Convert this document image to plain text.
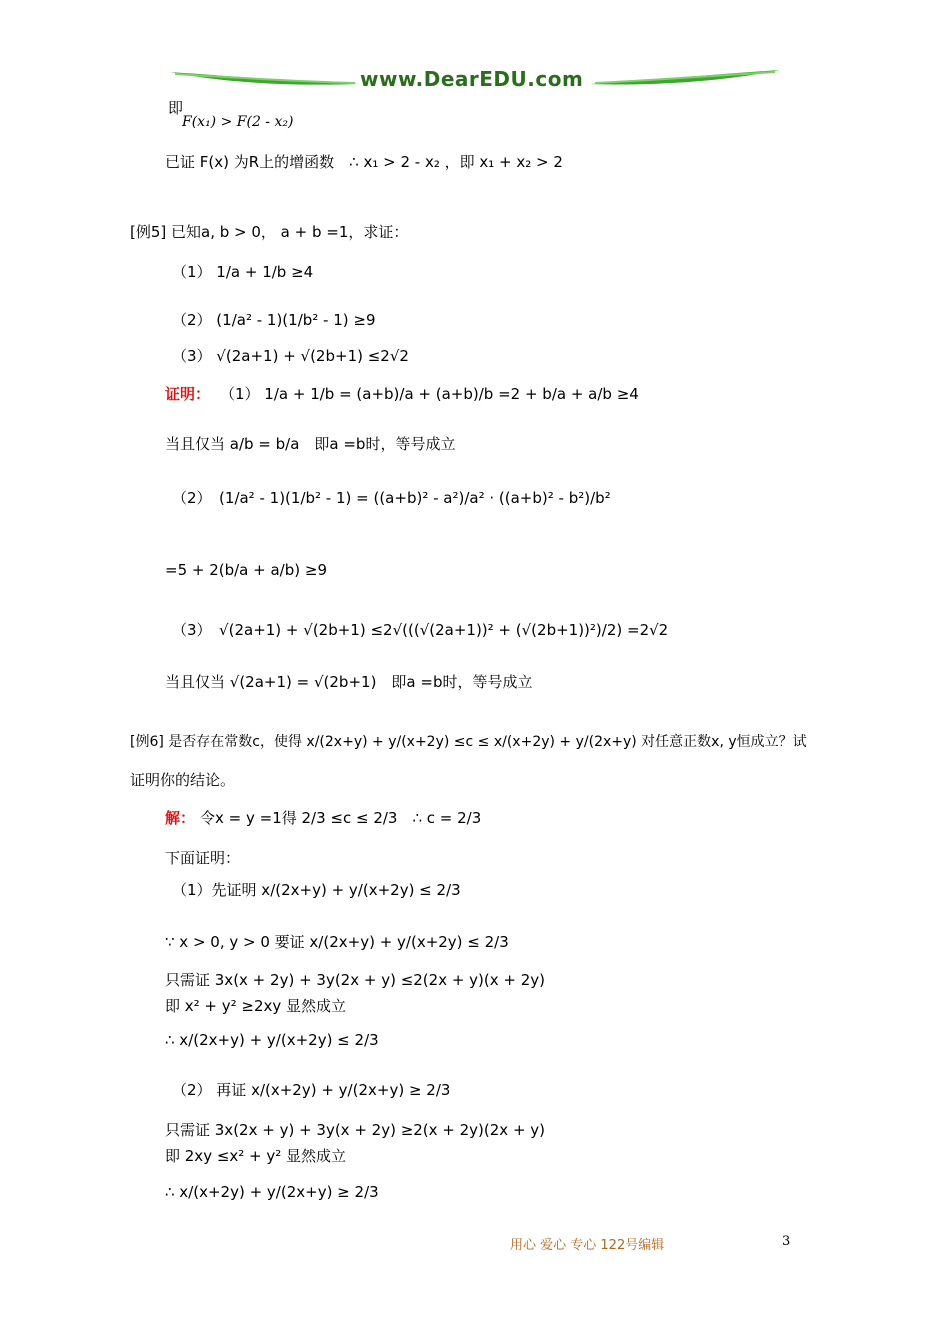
www.DearEDU.com
即
F(x₁) > F(2 - x₂)
已证 F(x) 为R上的增函数　∴ x₁ > 2 - x₂ ，即 x₁ + x₂ > 2
[例5] 已知a, b > 0， a + b =1，求证：
（1） 1/a + 1/b ≥4
（2） (1/a² - 1)(1/b² - 1) ≥9
（3） √(2a+1) + √(2b+1) ≤2√2
证明： （1） 1/a + 1/b = (a+b)/a + (a+b)/b =2 + b/a + a/b ≥4
当且仅当 a/b = b/a　即a =b时，等号成立
（2）　(1/a² - 1)(1/b² - 1) = ((a+b)² - a²)/a² · ((a+b)² - b²)/b²
=5 + 2(b/a + a/b) ≥9
（3）　√(2a+1) + √(2b+1) ≤2√(((√(2a+1))² + (√(2b+1))²)/2) =2√2
当且仅当 √(2a+1) = √(2b+1)　即a =b时，等号成立
[例6] 是否存在常数c，使得 x/(2x+y) + y/(x+2y) ≤c ≤ x/(x+2y) + y/(2x+y) 对任意正数x, y恒成立？试
证明你的结论。
解： 令x = y =1得 2/3 ≤c ≤ 2/3　∴ c = 2/3
下面证明：
（1）先证明 x/(2x+y) + y/(x+2y) ≤ 2/3
∵ x > 0, y > 0 要证 x/(2x+y) + y/(x+2y) ≤ 2/3
只需证 3x(x + 2y) + 3y(2x + y) ≤2(2x + y)(x + 2y)
即 x² + y² ≥2xy 显然成立
∴ x/(2x+y) + y/(x+2y) ≤ 2/3
（2） 再证 x/(x+2y) + y/(2x+y) ≥ 2/3
只需证 3x(2x + y) + 3y(x + 2y) ≥2(x + 2y)(2x + y)
即 2xy ≤x² + y² 显然成立
∴ x/(x+2y) + y/(2x+y) ≥ 2/3
用心 爱心 专心 122号编辑	3
